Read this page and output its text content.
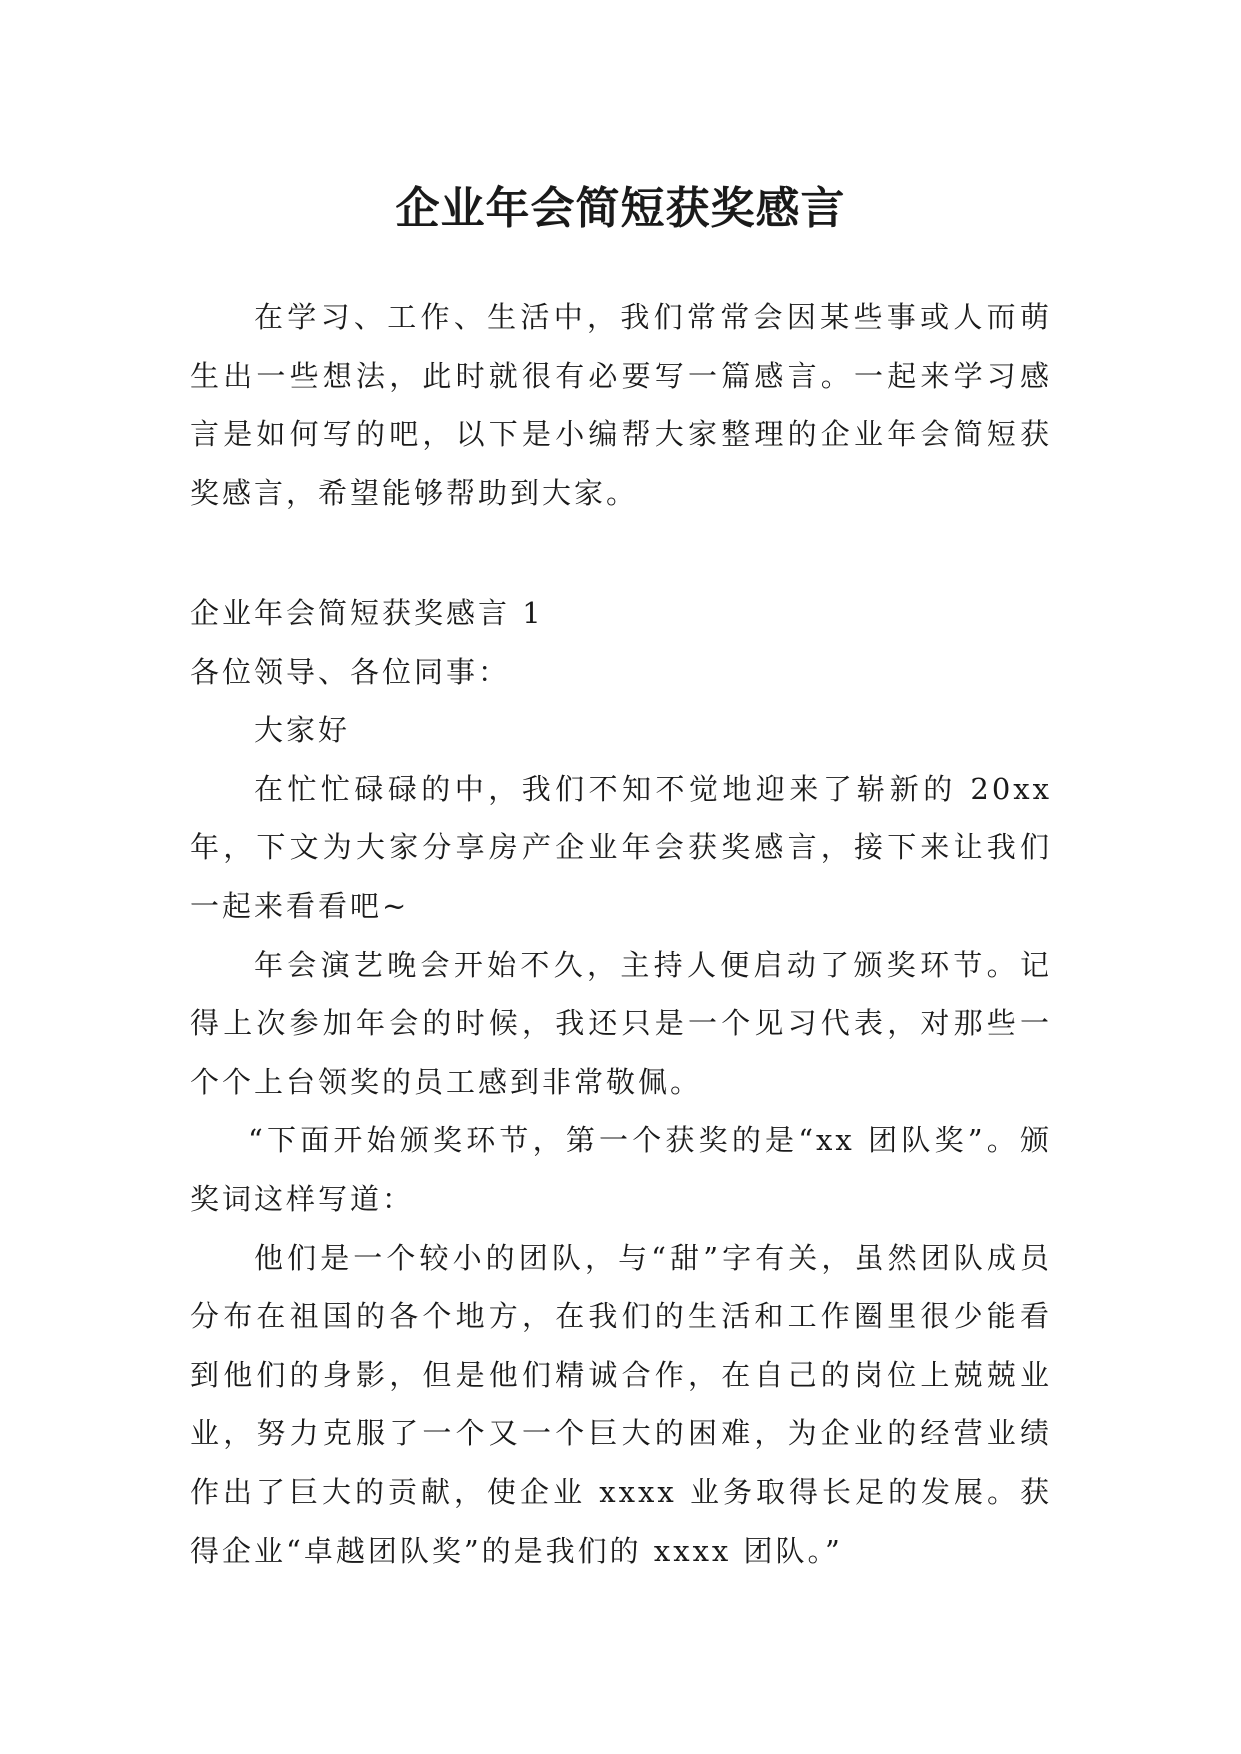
企业年会简短获奖感言

在学习、工作、生活中，我们常常会因某些事或人而萌生出一些想法，此时就很有必要写一篇感言。一起来学习感言是如何写的吧，以下是小编帮大家整理的企业年会简短获奖感言，希望能够帮助到大家。

企业年会简短获奖感言 1

各位领导、各位同事：

大家好

在忙忙碌碌的中，我们不知不觉地迎来了崭新的 20xx 年，下文为大家分享房产企业年会获奖感言，接下来让我们一起来看看吧~

年会演艺晚会开始不久，主持人便启动了颁奖环节。记得上次参加年会的时候，我还只是一个见习代表，对那些一个个上台领奖的员工感到非常敬佩。

“下面开始颁奖环节，第一个获奖的是“xx 团队奖”。颁奖词这样写道：

他们是一个较小的团队，与“甜”字有关，虽然团队成员分布在祖国的各个地方，在我们的生活和工作圈里很少能看到他们的身影，但是他们精诚合作，在自己的岗位上兢兢业业，努力克服了一个又一个巨大的困难，为企业的经营业绩作出了巨大的贡献，使企业 xxxx 业务取得长足的发展。获得企业“卓越团队奖”的是我们的 xxxx 团队。”
